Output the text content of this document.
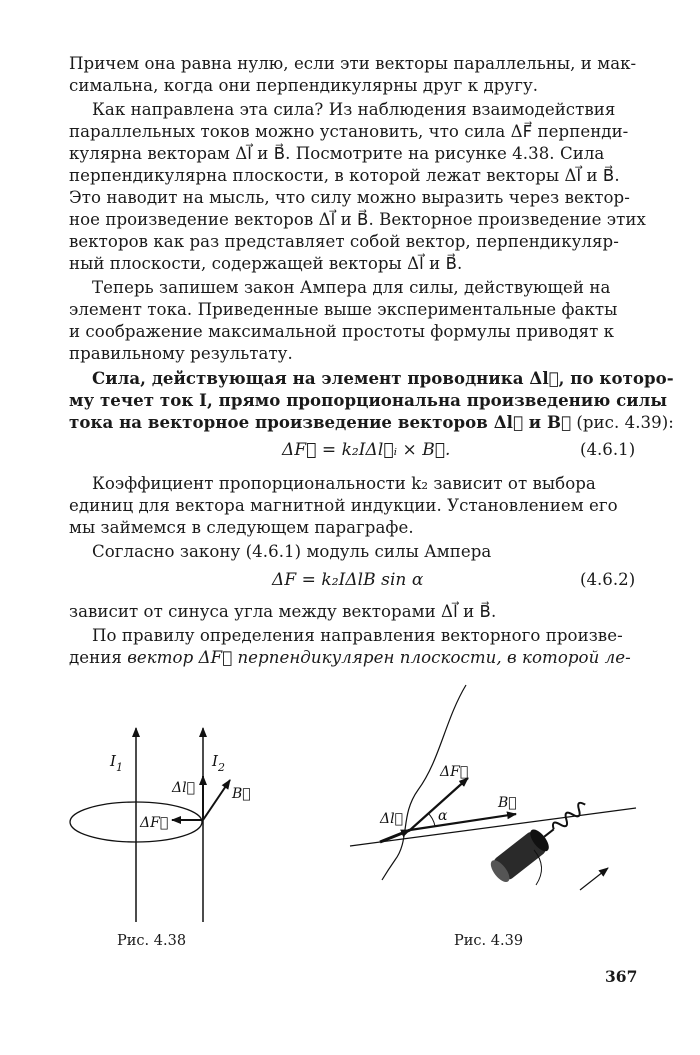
Причем она равна нулю, если эти векторы параллельны, и мак-
симальна, когда они перпендикулярны друг к другу.
Как направлена эта сила? Из наблюдения взаимодействия
параллельных токов можно установить, что сила ΔF⃗ перпенди-
кулярна векторам Δl⃗ и B⃗. Посмотрите на рисунке 4.38. Сила
перпендикулярна плоскости, в которой лежат векторы Δl⃗ и B⃗.
Это наводит на мысль, что силу можно выразить через вектор-
ное произведение векторов Δl⃗ и B⃗. Векторное произведение этих
векторов как раз представляет собой вектор, перпендикуляр-
ный плоскости, содержащей векторы Δl⃗ и B⃗.
Теперь запишем закон Ампера для силы, действующей на
элемент тока. Приведенные выше экспериментальные факты
и соображение максимальной простоты формулы приводят к
правильному результату.
Сила, действующая на элемент проводника Δl⃗, по которо-
му течет ток I, прямо пропорциональна произведению силы
тока на векторное произведение векторов Δl⃗ и B⃗ (рис. 4.39):
ΔF⃗ = k₂IΔl⃗ᵢ × B⃗.	(4.6.1)
Коэффициент пропорциональности k₂ зависит от выбора
единиц для вектора магнитной индукции. Установлением его
мы займемся в следующем параграфе.
Согласно закону (4.6.1) модуль силы Ампера
ΔF = k₂IΔlB sin α	(4.6.2)
зависит от синуса угла между векторами Δl⃗ и B⃗.
По правилу определения направления векторного произве-
дения вектор ΔF⃗ перпендикулярен плоскости, в которой ле-
$I_1$	$I_2$
Δl⃗	B⃗
ΔF⃗
Рис. 4.38
ΔF⃗
Δl⃗
B⃗
α
Рис. 4.39
367
